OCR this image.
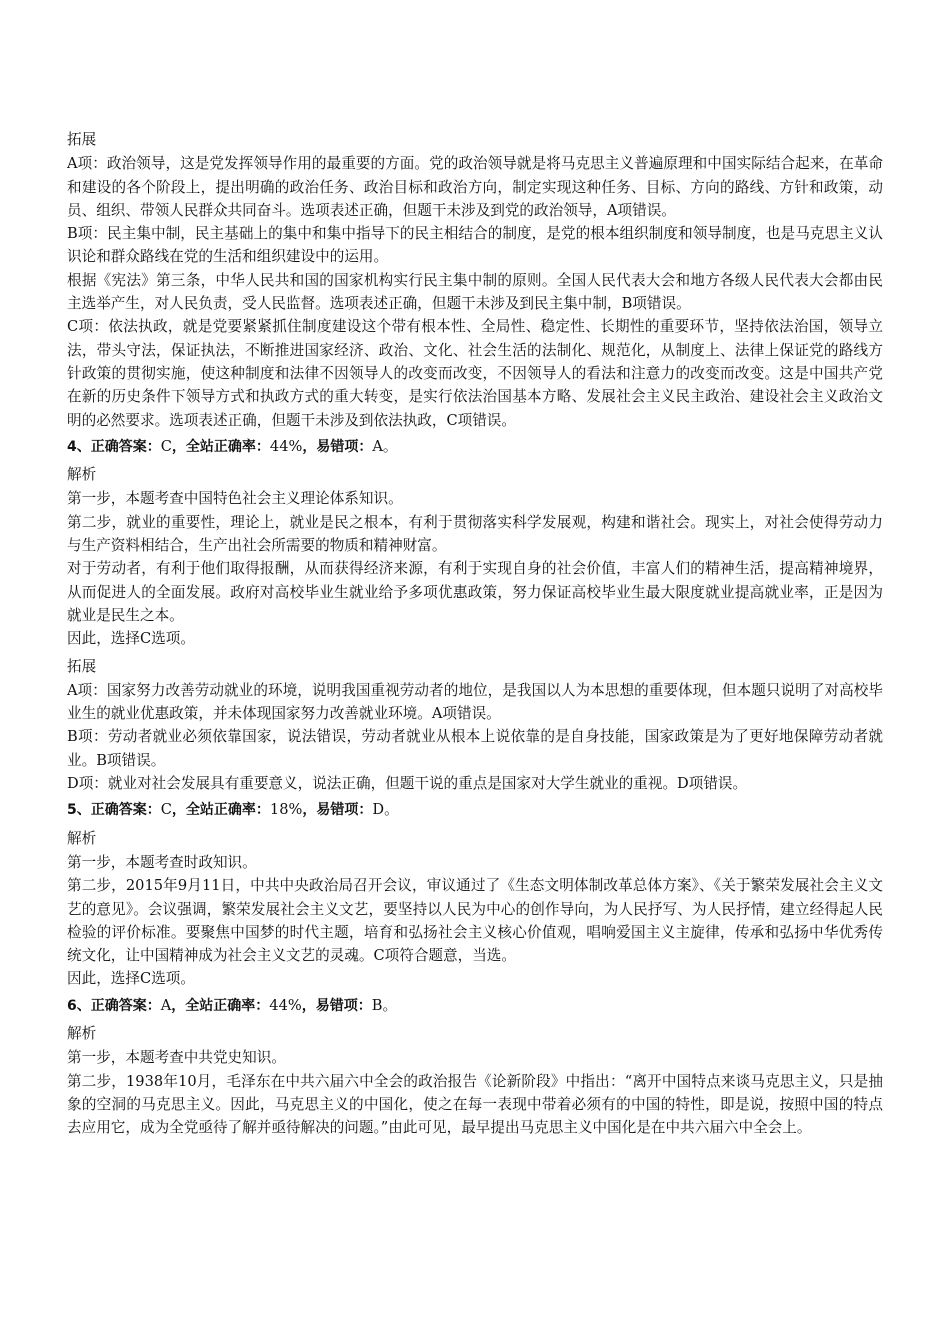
拓展

A项：政治领导，这是党发挥领导作用的最重要的方面。党的政治领导就是将马克思主义普遍原理和中国实际结合起来，在革命和建设的各个阶段上，提出明确的政治任务、政治目标和政治方向，制定实现这种任务、目标、方向的路线、方针和政策，动员、组织、带领人民群众共同奋斗。选项表述正确，但题干未涉及到党的政治领导，A项错误。

B项：民主集中制，民主基础上的集中和集中指导下的民主相结合的制度，是党的根本组织制度和领导制度，也是马克思主义认识论和群众路线在党的生活和组织建设中的运用。

根据《宪法》第三条，中华人民共和国的国家机构实行民主集中制的原则。全国人民代表大会和地方各级人民代表大会都由民主选举产生，对人民负责，受人民监督。选项表述正确，但题干未涉及到民主集中制，B项错误。

C项：依法执政，就是党要紧紧抓住制度建设这个带有根本性、全局性、稳定性、长期性的重要环节，坚持依法治国，领导立法，带头守法，保证执法，不断推进国家经济、政治、文化、社会生活的法制化、规范化，从制度上、法律上保证党的路线方针政策的贯彻实施，使这种制度和法律不因领导人的改变而改变，不因领导人的看法和注意力的改变而改变。这是中国共产党在新的历史条件下领导方式和执政方式的重大转变，是实行依法治国基本方略、发展社会主义民主政治、建设社会主义政治文明的必然要求。选项表述正确，但题干未涉及到依法执政，C项错误。

4、正确答案：C，全站正确率：44%，易错项：A。

解析

第一步，本题考查中国特色社会主义理论体系知识。

第二步，就业的重要性，理论上，就业是民之根本，有利于贯彻落实科学发展观，构建和谐社会。现实上，对社会使得劳动力与生产资料相结合，生产出社会所需要的物质和精神财富。

对于劳动者，有利于他们取得报酬，从而获得经济来源，有利于实现自身的社会价值，丰富人们的精神生活，提高精神境界，从而促进人的全面发展。政府对高校毕业生就业给予多项优惠政策，努力保证高校毕业生最大限度就业提高就业率，正是因为就业是民生之本。

因此，选择C选项。

拓展

A项：国家努力改善劳动就业的环境，说明我国重视劳动者的地位，是我国以人为本思想的重要体现，但本题只说明了对高校毕业生的就业优惠政策，并未体现国家努力改善就业环境。A项错误。

B项：劳动者就业必须依靠国家，说法错误，劳动者就业从根本上说依靠的是自身技能，国家政策是为了更好地保障劳动者就业。B项错误。

D项：就业对社会发展具有重要意义，说法正确，但题干说的重点是国家对大学生就业的重视。D项错误。

5、正确答案：C，全站正确率：18%，易错项：D。

解析

第一步，本题考查时政知识。

第二步，2015年9月11日，中共中央政治局召开会议，审议通过了《生态文明体制改革总体方案》、《关于繁荣发展社会主义文艺的意见》。会议强调，繁荣发展社会主义文艺，要坚持以人民为中心的创作导向，为人民抒写、为人民抒情，建立经得起人民检验的评价标准。要聚焦中国梦的时代主题，培育和弘扬社会主义核心价值观，唱响爱国主义主旋律，传承和弘扬中华优秀传统文化，让中国精神成为社会主义文艺的灵魂。C项符合题意，当选。

因此，选择C选项。

6、正确答案：A，全站正确率：44%，易错项：B。

解析

第一步，本题考查中共党史知识。

第二步，1938年10月，毛泽东在中共六届六中全会的政治报告《论新阶段》中指出：“离开中国特点来谈马克思主义，只是抽象的空洞的马克思主义。因此，马克思主义的中国化，使之在每一表现中带着必须有的中国的特性，即是说，按照中国的特点去应用它，成为全党亟待了解并亟待解决的问题。”由此可见，最早提出马克思主义中国化是在中共六届六中全会上。
